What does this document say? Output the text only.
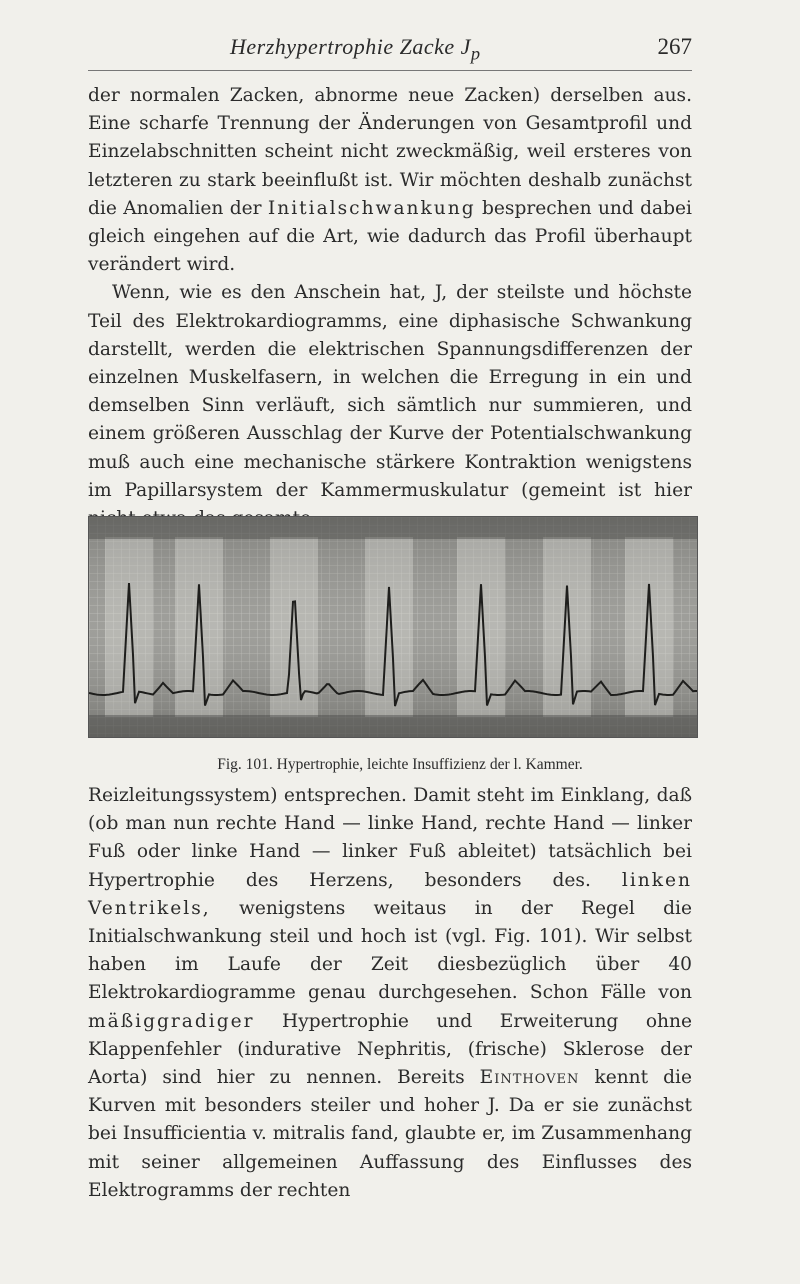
Herzhypertrophie Zacke $J_p$	267

der normalen Zacken, abnorme neue Zacken) derselben aus. Eine scharfe Trennung der Änderungen von Gesamtprofil und Einzelabschnitten scheint nicht zweckmäßig, weil ersteres von letzteren zu stark beeinflußt ist. Wir möchten deshalb zunächst die Anomalien der Initialschwankung besprechen und dabei gleich eingehen auf die Art, wie dadurch das Profil überhaupt verändert wird.

Wenn, wie es den Anschein hat, J, der steilste und höchste Teil des Elektrokardiogramms, eine diphasische Schwankung darstellt, werden die elektrischen Spannungsdifferenzen der einzelnen Muskelfasern, in welchen die Erregung in ein und demselben Sinn verläuft, sich sämtlich nur summieren, und einem größeren Ausschlag der Kurve der Potentialschwankung muß auch eine mechanische stärkere Kontraktion wenigstens im Papillarsystem der Kammermuskulatur (gemeint ist hier

Fig. 101. Hypertrophie, leichte Insuffizienz der l. Kammer.

Reizleitungssystem) entsprechen. Damit steht im Einklang, daß (ob man nun rechte Hand — linke Hand, rechte Hand — linker Fuß oder linke Hand — linker Fuß ableitet) tatsächlich bei Hypertrophie des Herzens, besonders des. linken Ventrikels, wenigstens weitaus in der Regel die Initialschwankung steil und hoch ist (vgl. Fig. 101). Wir selbst haben im Laufe der Zeit diesbezüglich über 40 Elektrokardiogramme genau durchgesehen. Schon Fälle von mäßiggradiger Hypertrophie und Erweiterung ohne Klappenfehler (indurative Nephritis, (frische) Sklerose der Aorta) sind hier zu nennen. Bereits Einthoven kennt die Kurven mit besonders steiler und hoher J. Da er sie zunächst bei Insufficientia v. mitralis fand, glaubte er, im Zusammenhang mit seiner allgemeinen Auffassung des Einflusses des Elektrogramms der rechten
